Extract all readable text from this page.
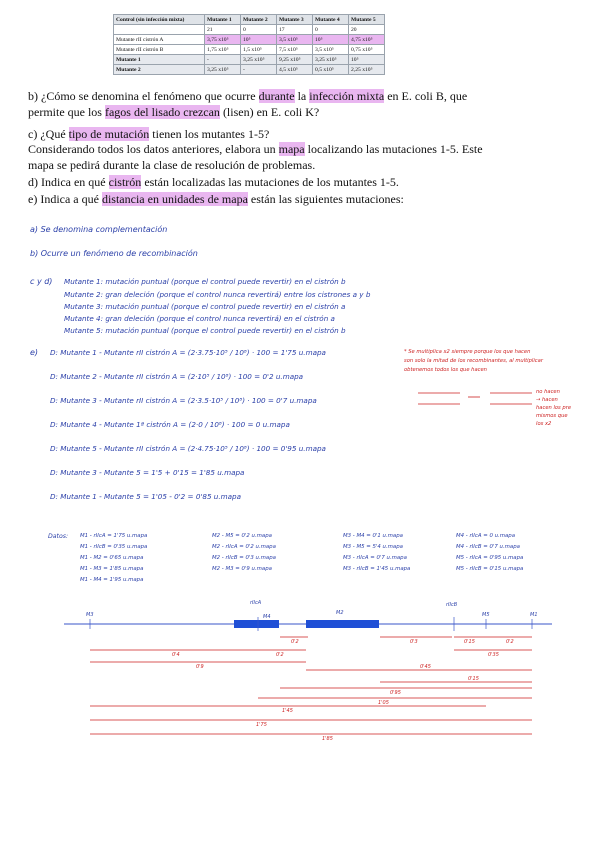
Control (sin infección mixta)	Mutante 1	Mutante 2	Mutante 3	Mutante 4	Mutante 5
	21	0	17	0	20
Mutante rII cistrón A	3,75 x10⁵	10⁵	3,5 x10⁵	10⁵	4,75 x10⁵
Mutante rII cistrón B	1,75 x10⁵	1,5 x10⁵	7,5 x10⁵	3,5 x10⁵	0,75 x10⁵
Mutante 1	-	3,25 x10⁵	9,25 x10⁵	3,25 x10⁵	10⁵
Mutante 2	3,25 x10⁵	-	4,5 x10⁵	0,5 x10⁵	2,25 x10⁵
b) ¿Cómo se denomina el fenómeno que ocurre durante la infección mixta en E. coli B, que
permite que los fagos del lisado crezcan (lisen) en E. coli K?
c) ¿Qué tipo de mutación tienen los mutantes 1-5?
Considerando todos los datos anteriores, elabora un mapa localizando las mutaciones 1-5. Este
mapa se pedirá durante la clase de resolución de problemas.
d) Indica en qué cistrón están localizadas las mutaciones de los mutantes 1-5.
e) Indica a qué distancia en unidades de mapa están las siguientes mutaciones:
a) Se denomina complementación
b) Ocurre un fenómeno de recombinación
c y d) Mutante 1: mutación puntual (porque el control puede revertir) en el cistrón b
Mutante 2: gran deleción (porque el control nunca revertirá) entre los cistrones a y b
Mutante 3: mutación puntual (porque el control puede revertir) en el cistrón a
Mutante 4: gran deleción (porque el control nunca revertirá) en el cistrón a
Mutante 5: mutación puntual (porque el control puede revertir) en el cistrón b
e) D: Mutante 1 - Mutante rII cistrón A = (2·3.75·10⁵ / 10⁸) · 100 = 1'75 u.mapa
D: Mutante 2 - Mutante rII cistrón A = (2·10⁵ / 10⁸) · 100 = 0'2 u.mapa
D: Mutante 3 - Mutante rII cistrón A = (2·3.5·10⁵ / 10⁸) · 100 = 0'7 u.mapa
D: Mutante 4 - Mutante 1ª cistrón A = (2·0 / 10⁸) · 100 = 0 u.mapa
D: Mutante 5 - Mutante rII cistrón A = (2·4.75·10⁵ / 10⁸) · 100 = 0'95 u.mapa
D: Mutante 3 - Mutante 5 = 1'5 + 0'15 = 1'85 u.mapa
D: Mutante 1 - Mutante 5 = 1'05 - 0'2 = 0'85 u.mapa
* Se multiplica x2 siempre porque los que hacen
son solo la mitad de los recombinantes, al multiplicar
obtenemos todos los que hacen
no hacen
→ hacen
hacen los pre
mismos que
los x2
Datos: M1 - rIIcA = 1'75 u.mapa
M1 - rIIcB = 0'35 u.mapa
M1 - M2 = 0'65 u.mapa
M1 - M3 = 1'85 u.mapa
M1 - M4 = 1'95 u.mapa
M2 - M5 = 0'2 u.mapa
M2 - rIIcA = 0'2 u.mapa
M2 - rIIcB = 0'3 u.mapa
M2 - M3 = 0'9 u.mapa
M3 - M4 = 0'1 u.mapa
M3 - M5 = 5'4 u.mapa
M3 - rIIcA = 0'7 u.mapa
M3 - rIIcB = 1'45 u.mapa
M4 - rIIcA = 0 u.mapa
M4 - rIIcB = 0'7 u.mapa
M5 - rIIcA = 0'95 u.mapa
M5 - rIIcB = 0'15 u.mapa
M3
rIIcA
M4
M2
rIIcB
M5	M1
0'2	0'3	0'15	0'2
0'4	0'2	0'35
0'9	0'45
0'15
0'95
1'05
1'45
1'75
1'85
